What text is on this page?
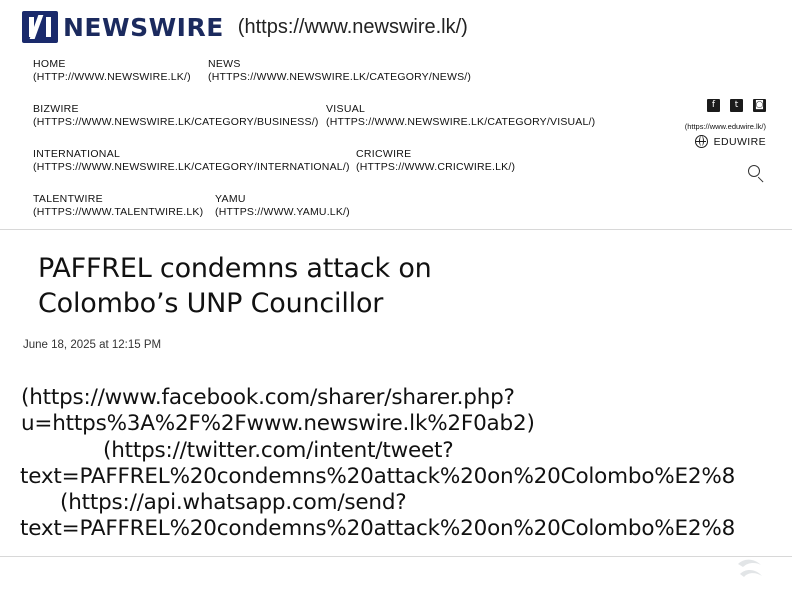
NEWSWIRE (https://www.newswire.lk/)
HOME
(HTTP://WWW.NEWSWIRE.LK/)
NEWS
(HTTPS://WWW.NEWSWIRE.LK/CATEGORY/NEWS/)
BIZWIRE
(HTTPS://WWW.NEWSWIRE.LK/CATEGORY/BUSINESS/)
VISUAL
(HTTPS://WWW.NEWSWIRE.LK/CATEGORY/VISUAL/)
INTERNATIONAL
(HTTPS://WWW.NEWSWIRE.LK/CATEGORY/INTERNATIONAL/)
CRICWIRE
(HTTPS://WWW.CRICWIRE.LK/)
TALENTWIRE
(HTTPS://WWW.TALENTWIRE.LK)
YAMU
(HTTPS://WWW.YAMU.LK/)
f	t	◙
(https://www.eduwire.lk/)
EDUWIRE
PAFFREL condemns attack on
Colombo’s UNP Councillor
June 18, 2025 at 12:15 PM
(https://www.facebook.com/sharer/sharer.php?
u=https%3A%2F%2Fwww.newswire.lk%2F0ab2)
(https://twitter.com/intent/tweet?
text=PAFFREL%20condemns%20attack%20on%20Colombo%E2%8
(https://api.whatsapp.com/send?
text=PAFFREL%20condemns%20attack%20on%20Colombo%E2%8
